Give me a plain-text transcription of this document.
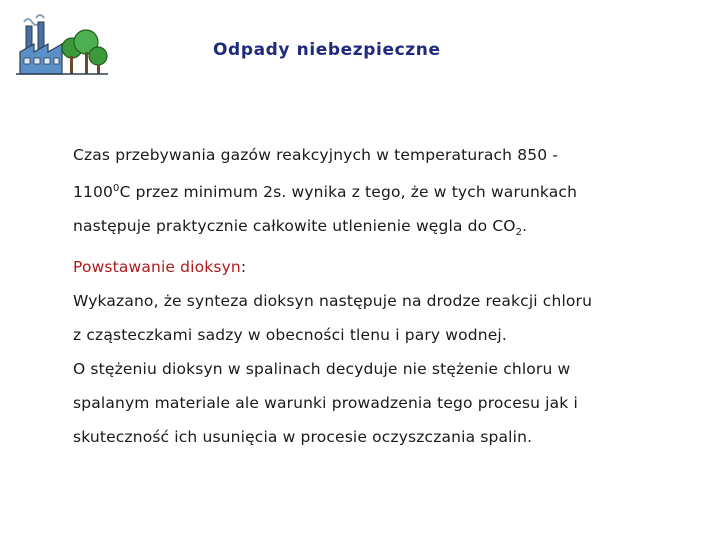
Odpady niebezpieczne

Czas przebywania gazów reakcyjnych w temperaturach 850 -

1100$^0$C przez minimum 2s. wynika z tego, że w tych warunkach

następuje praktycznie całkowite utlenienie węgla do $CO_2$.

Powstawanie dioksyn:

Wykazano, że synteza dioksyn następuje na drodze reakcji chloru

z cząsteczkami sadzy w obecności tlenu i pary wodnej.

O stężeniu dioksyn w spalinach decyduje nie stężenie chloru w

spalanym materiale ale warunki prowadzenia tego procesu jak i

skuteczność ich usunięcia w procesie oczyszczania spalin.
